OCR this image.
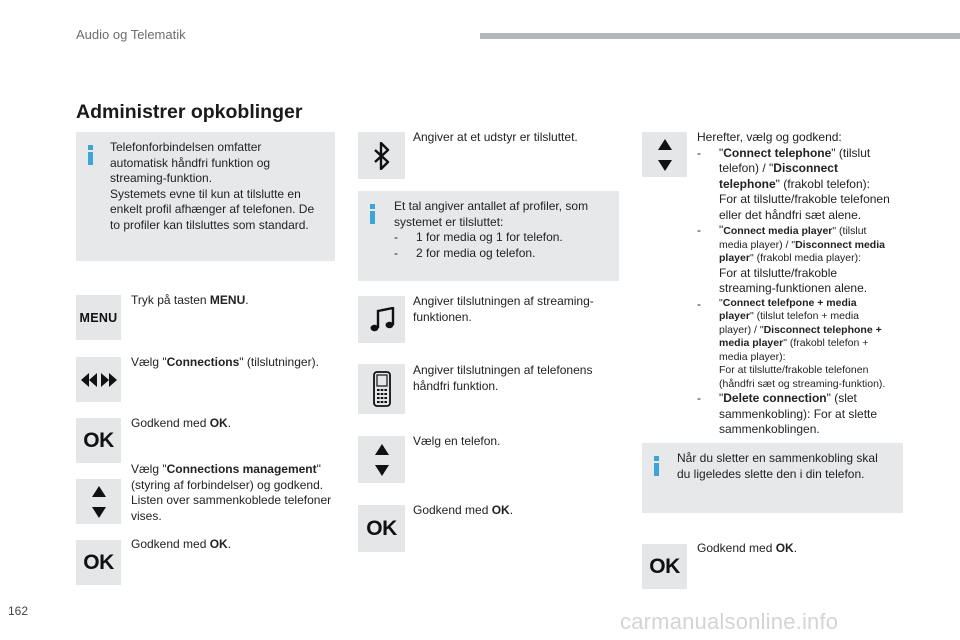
Audio og Telematik
Administrer opkoblinger
Telefonforbindelsen omfatter
automatisk håndfri funktion og
streaming-funktion.
Systemets evne til kun at tilslutte en
enkelt profil afhænger af telefonen. De
to profiler kan tilsluttes som standard.
MENU
Tryk på tasten MENU.
Vælg "Connections" (tilslutninger).
OK
Godkend med OK.
Vælg "Connections management"
(styring af forbindelser) og godkend.
Listen over sammenkoblede telefoner
vises.
OK
Godkend med OK.
Angiver at et udstyr er tilsluttet.
Et tal angiver antallet af profiler, som
systemet er tilsluttet:
-	1 for media og 1 for telefon.
-	2 for media og telefon.
Angiver tilslutningen af streaming-
funktionen.
Angiver tilslutningen af telefonens
håndfri funktion.
Vælg en telefon.
OK
Godkend med OK.
Herefter, vælg og godkend:
-	"Connect telephone" (tilslut
telefon) / "Disconnect
telephone" (frakobl telefon):
For at tilslutte/frakoble telefonen
eller det håndfri sæt alene.
-	"Connect media player" (tilslut
media player) / "Disconnect media
player" (frakobl media player):
For at tilslutte/frakoble
streaming-funktionen alene.
-	"Connect telefpone + media
player" (tilslut telefon + media
player) / "Disconnect telephone +
media player" (frakobl telefon +
media player):
For at tilslutte/frakoble telefonen
(håndfri sæt og streaming-funktion).
-	"Delete connection" (slet
sammenkobling): For at slette
sammenkoblingen.
Når du sletter en sammenkobling skal
du ligeledes slette den i din telefon.
OK
Godkend med OK.
162	carmanualsonline.info
